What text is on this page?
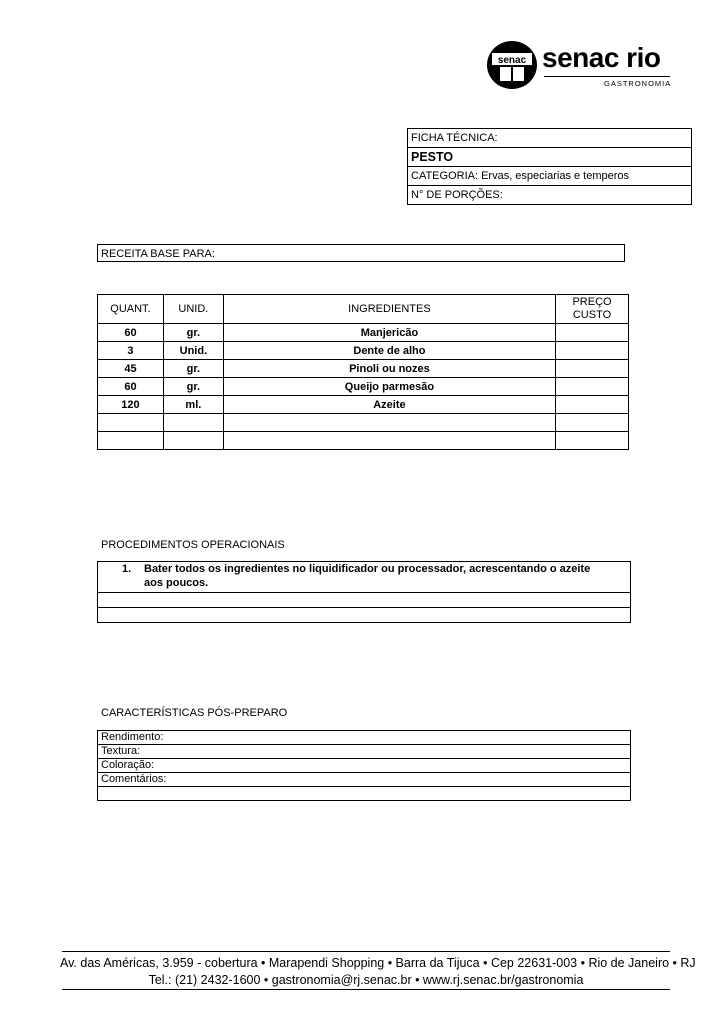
senac senac rio
GASTRONOMIA
FICHA TÉCNICA:
PESTO
CATEGORIA: Ervas, especiarias e temperos
N° DE PORÇÕES:
RECEITA BASE PARA:
QUANT.	UNID.	INGREDIENTES	PREÇO CUSTO
60	gr.	Manjericão	
3	Unid.	Dente de alho	
45	gr.	Pinoli ou nozes	
60	gr.	Queijo parmesão	
120	ml.	Azeite	

PROCEDIMENTOS OPERACIONAIS
1. Bater todos os ingredientes no liquidificador ou processador, acrescentando o azeite aos poucos.

CARACTERÍSTICAS PÓS-PREPARO
Rendimento:
Textura:
Coloração:
Comentários:

Av. das Américas, 3.959 - cobertura • Marapendi Shopping • Barra da Tijuca • Cep 22631-003 • Rio de Janeiro • RJ
Tel.: (21) 2432-1600 • gastronomia@rj.senac.br • www.rj.senac.br/gastronomia
